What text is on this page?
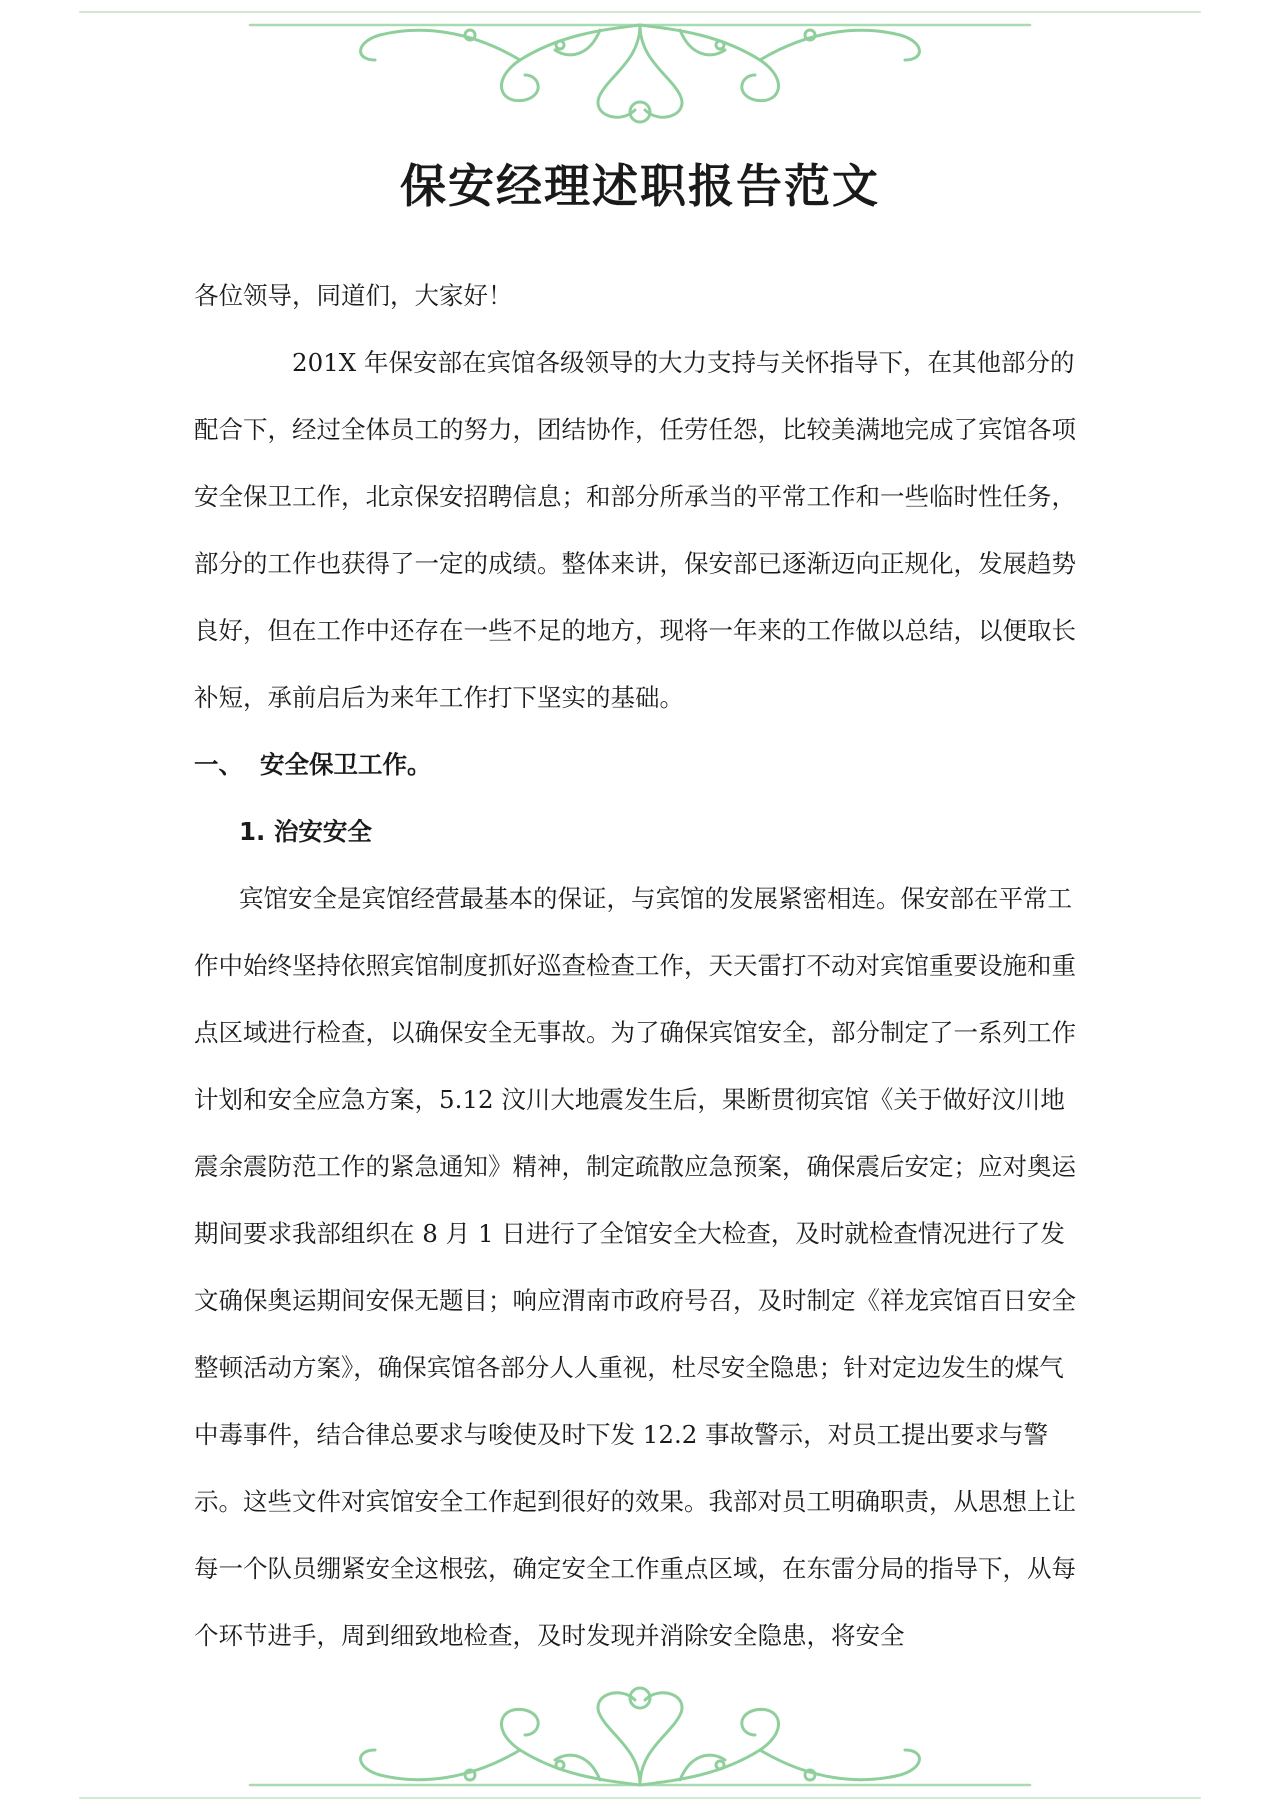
保安经理述职报告范文

各位领导，同道们，大家好！

201X 年保安部在宾馆各级领导的大力支持与关怀指导下，在其他部分的配合下，经过全体员工的努力，团结协作，任劳任怨，比较美满地完成了宾馆各项安全保卫工作，北京保安招聘信息；和部分所承当的平常工作和一些临时性任务，部分的工作也获得了一定的成绩。整体来讲，保安部已逐渐迈向正规化，发展趋势良好，但在工作中还存在一些不足的地方，现将一年来的工作做以总结，以便取长补短，承前启后为来年工作打下坚实的基础。

一、 安全保卫工作。

1. 治安安全

宾馆安全是宾馆经营最基本的保证，与宾馆的发展紧密相连。保安部在平常工作中始终坚持依照宾馆制度抓好巡查检查工作，天天雷打不动对宾馆重要设施和重点区域进行检查，以确保安全无事故。为了确保宾馆安全，部分制定了一系列工作计划和安全应急方案，5.12 汶川大地震发生后，果断贯彻宾馆《关于做好汶川地震余震防范工作的紧急通知》精神，制定疏散应急预案，确保震后安定；应对奥运期间要求我部组织在 8 月 1 日进行了全馆安全大检查，及时就检查情况进行了发文确保奥运期间安保无题目；响应渭南市政府号召，及时制定《祥龙宾馆百日安全整顿活动方案》，确保宾馆各部分人人重视，杜尽安全隐患；针对定边发生的煤气中毒事件，结合律总要求与唆使及时下发 12.2 事故警示，对员工提出要求与警示。这些文件对宾馆安全工作起到很好的效果。我部对员工明确职责，从思想上让每一个队员绷紧安全这根弦，确定安全工作重点区域，在东雷分局的指导下，从每个环节进手，周到细致地检查，及时发现并消除安全隐患，将安全
